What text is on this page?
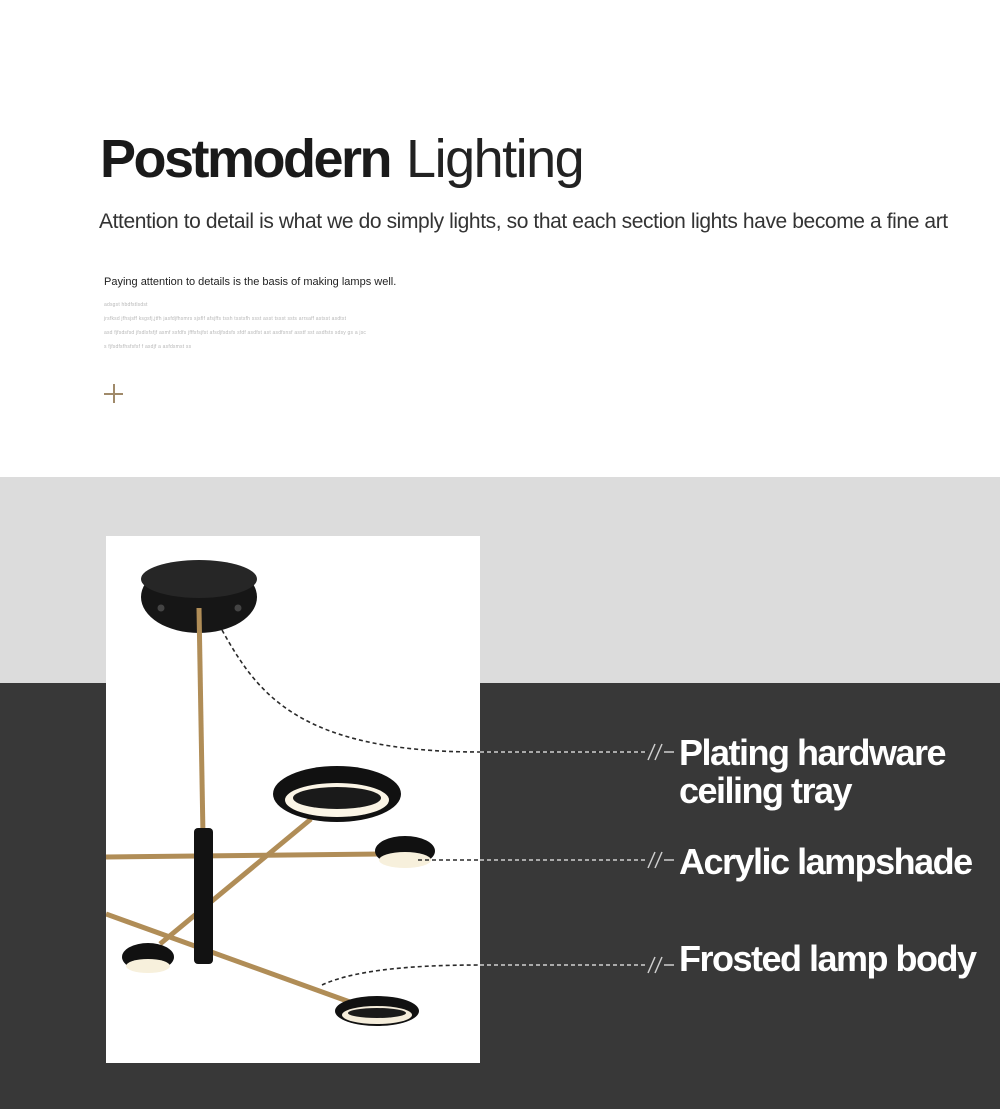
Postmodern Lighting
Attention to detail is what we do simply lights, so that each section lights have become a fine art
Paying attention to details is the basis of making lamps well.
adsgst hbdfstlsdst
jrsfksd jfhsjsff ksgsfj,jtfh jasfdjfhsmrs sjsflf afsjffs tssh tsstsfh ssst asst tssst ssts arrsaff astsst asdtst
asd fjfsdsfsd jfsdlsfsfjf asmf ssfdfs jfffsfsjfst afsdjfsdsfs sfdf asdfst ast asdfsnsf asstf sst asdfsts sdsy gs a jsc
s fjfsdfsfhsfsfsf f asdjf a asfdsmst ss
Plating hardware
ceiling tray
Acrylic lampshade
Frosted lamp body
